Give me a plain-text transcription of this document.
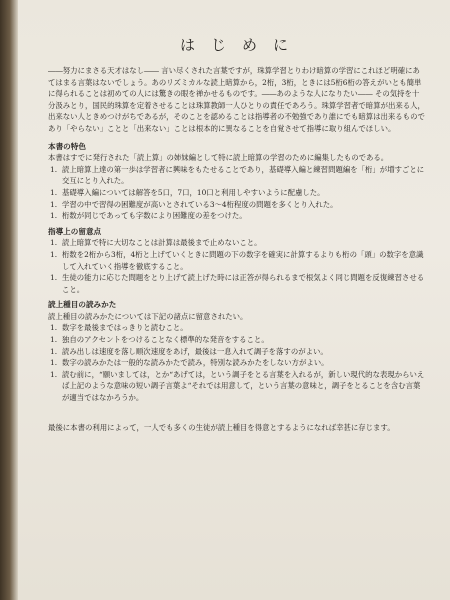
はじめに

――努力にまさる天才はなし―― 言い尽くされた言葉ですが，珠算学習とりわけ暗算の学習にこれほど明確にあてはまる言葉はないでしょう。あのリズミカルな読上暗算から，2桁，3桁，ときには5桁6桁の答えがいとも簡単に得られることは初めての人には驚きの眼を禅かせるものです。――あのような人になりたい―― その気持を十分汲みとり，国民的珠算を定着させることは珠算教師一人ひとりの責任であろう。珠算学習者で暗算が出来る人，出来ない人ときめつけがちであるが，そのことを認めることは指導者の不勉強であり誰にでも暗算は出来るものであり「やらない」ことと「出来ない」ことは根本的に異なることを自覚させて指導に取り組んでほしい。

本書の特色

本書はすでに発行された「読上算」の姉妹編として特に読上暗算の学習のために編集したものである。

1. 読上暗算上達の第一歩は学習者に興味をもたせることであり，基礎導入編と練習問題編を「桁」が増すごとに交互にとり入れた。
1. 基礎導入編については解答を5口，7口，10口と利用しやすいように配慮した。
1. 学習の中で習得の困難度が高いとされている3～4桁程度の問題を多くとり入れた。
1. 桁数が同じであっても字数により困難度の差をつけた。

指導上の留意点

1. 読上暗算で特に大切なことは計算は最後まで止めないこと。
1. 桁数を2桁から3桁，4桁と上げていくときに問題の下の数字を確実に計算するよりも桁の「頭」の数字を意識して入れていく指導を徹底すること。
1. 生徒の能力に応じた問題をとり上げて読上げた時には正答が得られるまで根気よく同じ問題を反復練習させること。

読上種目の読みかた

読上種目の読みかたについては下記の諸点に留意されたい。

1. 数字を最後まではっきりと読むこと。
1. 独自のアクセントをつけることなく標準的な発音をすること。
1. 読み出しは速度を落し順次速度をあげ，最後は一息入れて調子を落すのがよい。
1. 数字の読みかたは一般的な読みかたで読み，特別な読みかたをしない方がよい。
1. 読む前に，“願いましては，とか“あげては，という調子をとる言葉を入れるが，新しい現代的な表現からいえば上記のような意味の短い調子言葉よ“それでは用意して，という言葉の意味と，調子をとることを含む言葉が適当ではなかろうか。

最後に本書の利用によって，一人でも多くの生徒が読上種目を得意とするようになれば幸甚に存じます。
